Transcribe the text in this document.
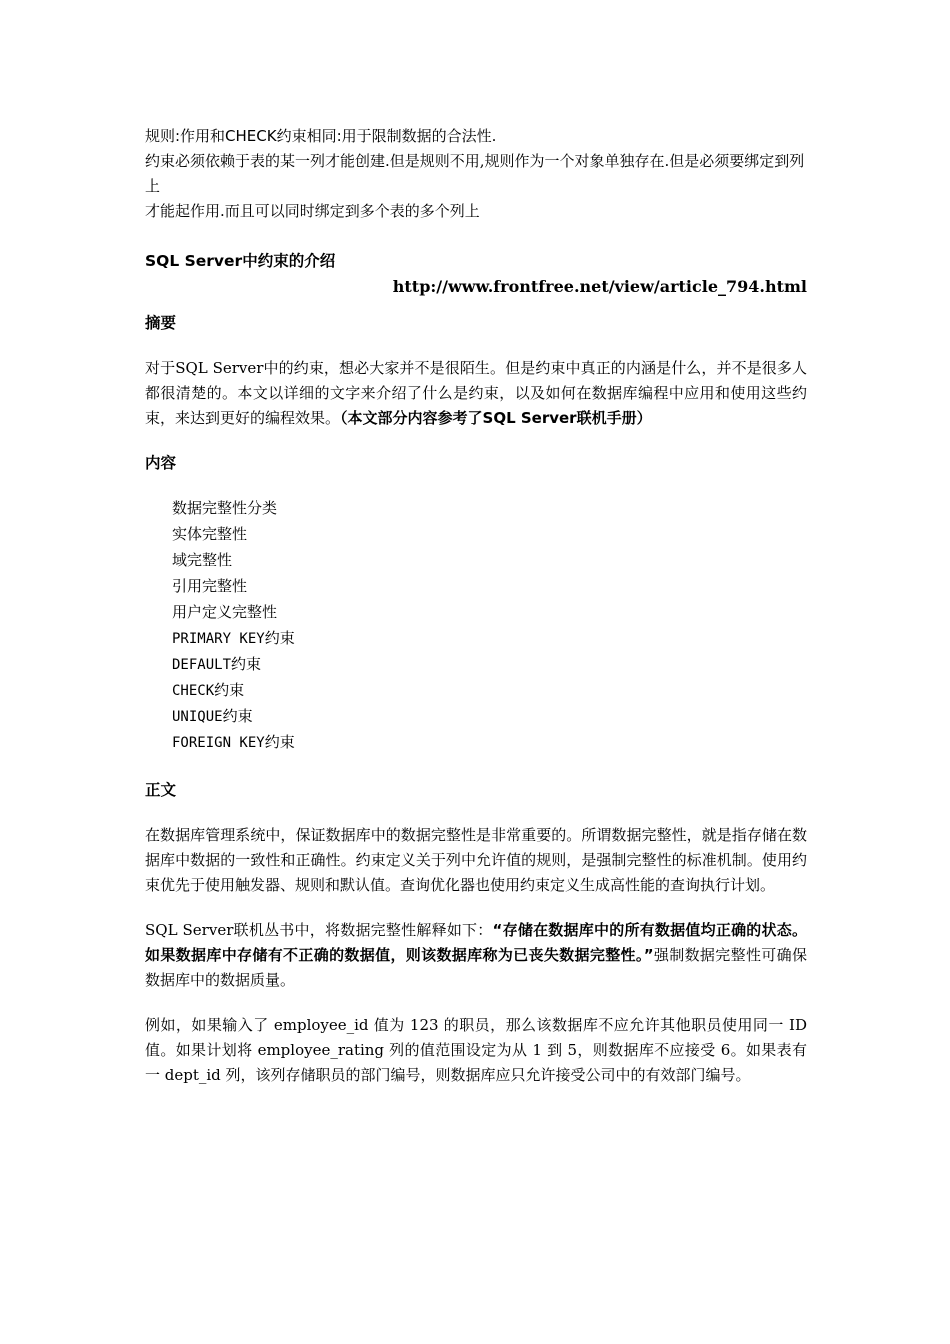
规则:作用和CHECK约束相同:用于限制数据的合法性.

约束必须依赖于表的某一列才能创建.但是规则不用,规则作为一个对象单独存在.但是必须要绑定到列上

才能起作用.而且可以同时绑定到多个表的多个列上

SQL Server中约束的介绍

http://www.frontfree.net/view/article_794.html

摘要

对于SQL Server中的约束，想必大家并不是很陌生。但是约束中真正的内涵是什么，并不是很多人都很清楚的。本文以详细的文字来介绍了什么是约束，以及如何在数据库编程中应用和使用这些约束，来达到更好的编程效果。（本文部分内容参考了SQL Server联机手册）

内容

数据完整性分类
实体完整性
域完整性
引用完整性
用户定义完整性
PRIMARY KEY约束
DEFAULT约束
CHECK约束
UNIQUE约束
FOREIGN KEY约束

正文

在数据库管理系统中，保证数据库中的数据完整性是非常重要的。所谓数据完整性，就是指存储在数据库中数据的一致性和正确性。约束定义关于列中允许值的规则，是强制完整性的标准机制。使用约束优先于使用触发器、规则和默认值。查询优化器也使用约束定义生成高性能的查询执行计划。

SQL Server联机丛书中，将数据完整性解释如下：“存储在数据库中的所有数据值均正确的状态。如果数据库中存储有不正确的数据值，则该数据库称为已丧失数据完整性。”强制数据完整性可确保数据库中的数据质量。

例如，如果输入了 employee_id 值为 123 的职员，那么该数据库不应允许其他职员使用同一 ID 值。如果计划将 employee_rating 列的值范围设定为从 1 到 5，则数据库不应接受 6。如果表有一 dept_id 列，该列存储职员的部门编号，则数据库应只允许接受公司中的有效部门编号。
